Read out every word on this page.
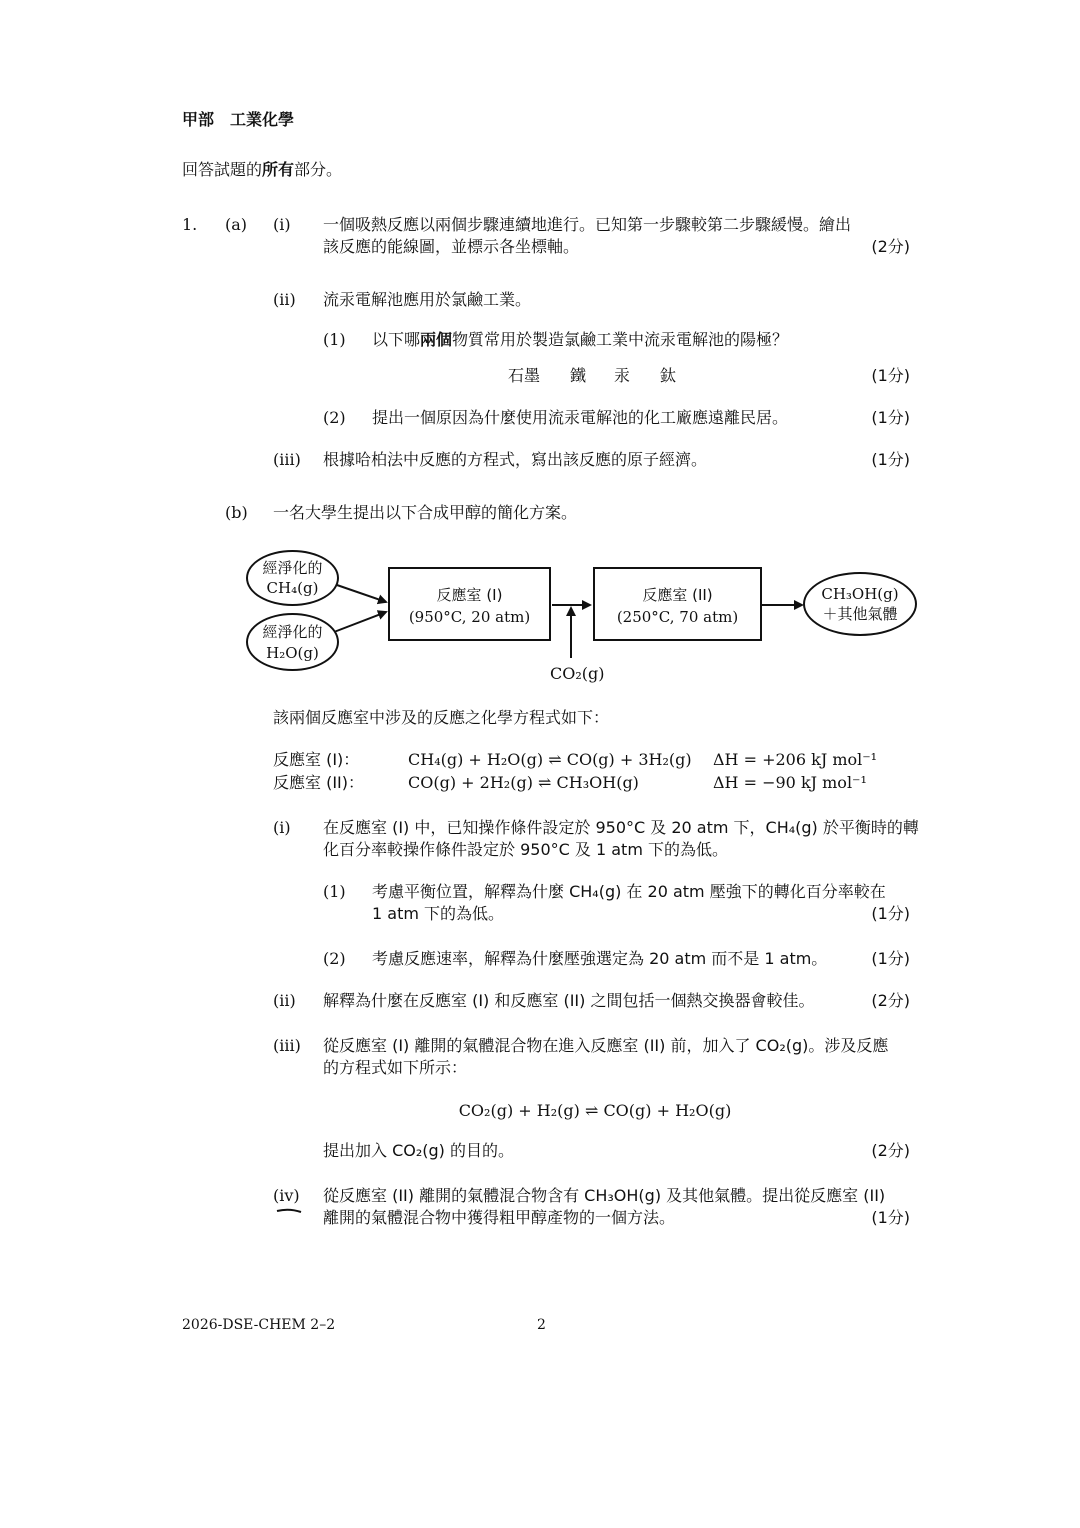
甲部　工業化學
回答試題的所有部分。
1. (a) (i) 一個吸熱反應以兩個步驟連續地進行。已知第一步驟較第二步驟緩慢。繪出
該反應的能線圖，並標示各坐標軸。	(2分)
(ii) 流汞電解池應用於氯鹼工業。
(1) 以下哪兩個物質常用於製造氯鹼工業中流汞電解池的陽極？
石墨 鐵 汞 鈦	(1分)
(2) 提出一個原因為什麼使用流汞電解池的化工廠應遠離民居。	(1分)
(iii) 根據哈柏法中反應的方程式，寫出該反應的原子經濟。	(1分)
(b) 一名大學生提出以下合成甲醇的簡化方案。
經淨化的
CH₄(g)
經淨化的
H₂O(g)
反應室 (I)
(950°C, 20 atm)
反應室 (II)
(250°C, 70 atm)
CO₂(g)
CH₃OH(g)
＋其他氣體
該兩個反應室中涉及的反應之化學方程式如下：
反應室 (I)：	CH₄(g) + H₂O(g) ⇌ CO(g) + 3H₂(g) ΔH = +206 kJ mol⁻¹
反應室 (II)：	CO(g) + 2H₂(g) ⇌ CH₃OH(g)	ΔH = −90 kJ mol⁻¹
(i) 在反應室 (I) 中，已知操作條件設定於 950°C 及 20 atm 下，CH₄(g) 於平衡時的轉
化百分率較操作條件設定於 950°C 及 1 atm 下的為低。
(1) 考慮平衡位置，解釋為什麼 CH₄(g) 在 20 atm 壓強下的轉化百分率較在
1 atm 下的為低。	(1分)
(2) 考慮反應速率，解釋為什麼壓強選定為 20 atm 而不是 1 atm。	(1分)
(ii) 解釋為什麼在反應室 (I) 和反應室 (II) 之間包括一個熱交換器會較佳。	(2分)
(iii) 從反應室 (I) 離開的氣體混合物在進入反應室 (II) 前，加入了 CO₂(g)。涉及反應
的方程式如下所示：
CO₂(g) + H₂(g) ⇌ CO(g) + H₂O(g)
提出加入 CO₂(g) 的目的。	(2分)
(iv) 從反應室 (II) 離開的氣體混合物含有 CH₃OH(g) 及其他氣體。提出從反應室 (II)
離開的氣體混合物中獲得粗甲醇產物的一個方法。	(1分)
2026-DSE-CHEM 2–2	2
